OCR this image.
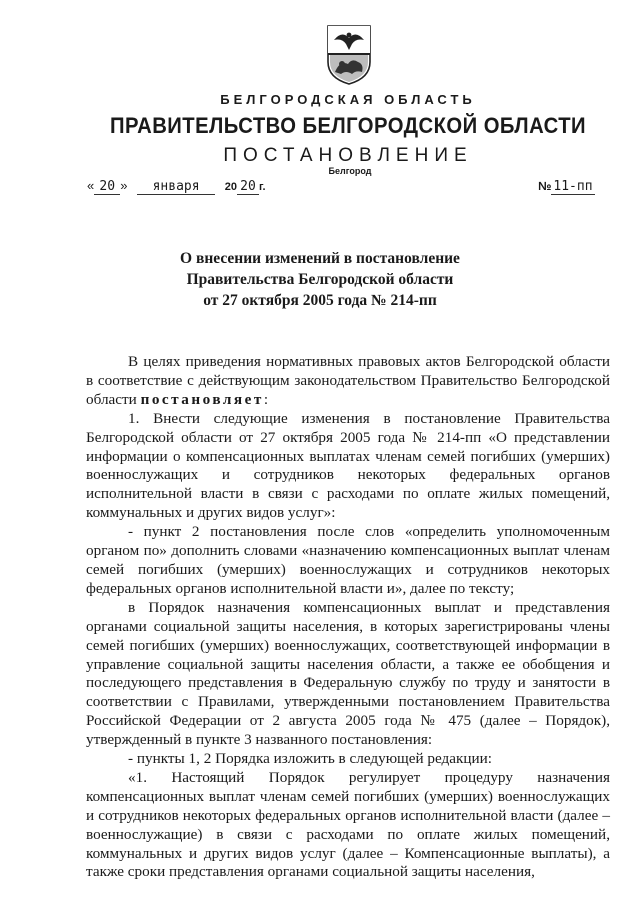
БЕЛГОРОДСКАЯ ОБЛАСТЬ
ПРАВИТЕЛЬСТВО БЕЛГОРОДСКОЙ ОБЛАСТИ
ПОСТАНОВЛЕНИЕ
Белгород
« 20 » января 20 20 г.	№ 11-пп
О внесении изменений в постановление
Правительства Белгородской области
от 27 октября 2005 года № 214-пп

В целях приведения нормативных правовых актов Белгородской области в соответствие с действующим законодательством Правительство Белгородской области постановляет:

1. Внести следующие изменения в постановление Правительства Белгородской области от 27 октября 2005 года № 214-пп «О представлении информации о компенсационных выплатах членам семей погибших (умерших) военнослужащих и сотрудников некоторых федеральных органов исполнительной власти в связи с расходами по оплате жилых помещений, коммунальных и других видов услуг»:

- пункт 2 постановления после слов «определить уполномоченным органом по» дополнить словами «назначению компенсационных выплат членам семей погибших (умерших) военнослужащих и сотрудников некоторых федеральных органов исполнительной власти и», далее по тексту;

в Порядок назначения компенсационных выплат и представления органами социальной защиты населения, в которых зарегистрированы члены семей погибших (умерших) военнослужащих, соответствующей информации в управление социальной защиты населения области, а также ее обобщения и последующего представления в Федеральную службу по труду и занятости в соответствии с Правилами, утвержденными постановлением Правительства Российской Федерации от 2 августа 2005 года № 475 (далее – Порядок), утвержденный в пункте 3 названного постановления:

- пункты 1, 2 Порядка изложить в следующей редакции:

«1. Настоящий Порядок регулирует процедуру назначения компенсационных выплат членам семей погибших (умерших) военнослужащих и сотрудников некоторых федеральных органов исполнительной власти (далее – военнослужащие) в связи с расходами по оплате жилых помещений, коммунальных и других видов услуг (далее – Компенсационные выплаты), а также сроки представления органами социальной защиты населения,
